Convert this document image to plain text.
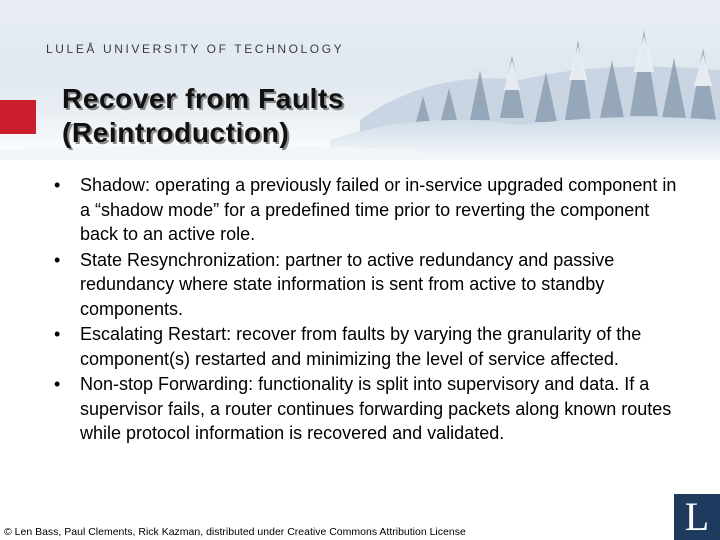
LULEÅ UNIVERSITY OF TECHNOLOGY
Recover from Faults
(Reintroduction)
• Shadow: operating a previously failed or in-service upgraded component in a “shadow mode” for a predefined time prior to reverting the component back to an active role.
• State Resynchronization: partner to active redundancy and passive redundancy where state information is sent from active to standby components.
• Escalating Restart: recover from faults by varying the granularity of the component(s) restarted and minimizing the level of service affected.
• Non-stop Forwarding: functionality is split into supervisory and data. If a supervisor fails, a router continues forwarding packets along known routes while protocol information is recovered and validated.
© Len Bass, Paul Clements, Rick Kazman, distributed under Creative Commons Attribution License	L
